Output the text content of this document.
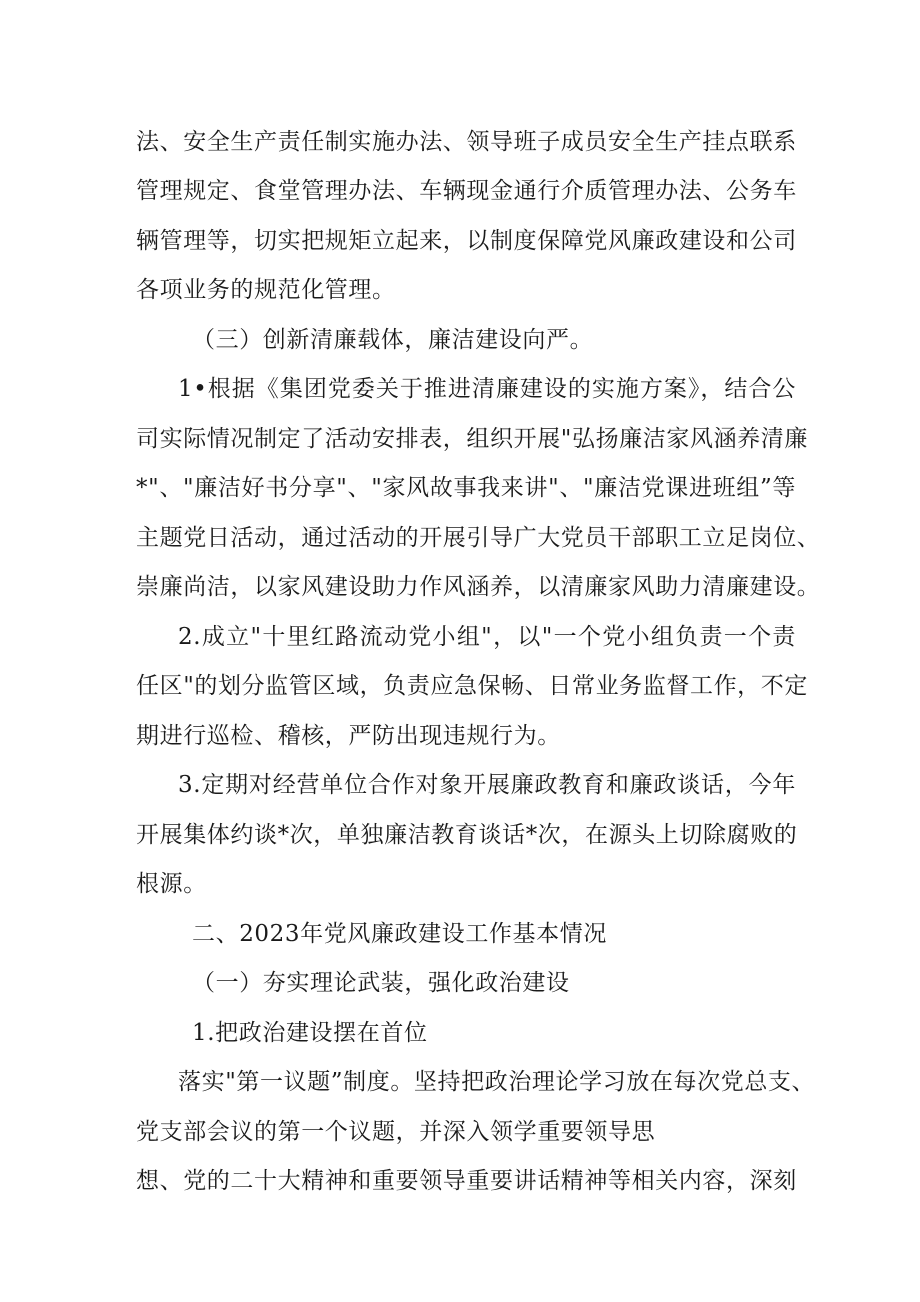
法、安全生产责任制实施办法、领导班子成员安全生产挂点联系
管理规定、食堂管理办法、车辆现金通行介质管理办法、公务车
辆管理等，切实把规矩立起来，以制度保障党风廉政建设和公司
各项业务的规范化管理。
（三）创新清廉载体，廉洁建设向严。
1•根据《集团党委关于推进清廉建设的实施方案》，结合公
司实际情况制定了活动安排表，组织开展"弘扬廉洁家风涵养清廉
*"、"廉洁好书分享"、"家风故事我来讲"、"廉洁党课进班组”等
主题党日活动，通过活动的开展引导广大党员干部职工立足岗位、
崇廉尚洁，以家风建设助力作风涵养，以清廉家风助力清廉建设。
2.成立"十里红路流动党小组"，以"一个党小组负责一个责
任区"的划分监管区域，负责应急保畅、日常业务监督工作，不定
期进行巡检、稽核，严防出现违规行为。
3.定期对经营单位合作对象开展廉政教育和廉政谈话，今年
开展集体约谈*次，单独廉洁教育谈话*次，在源头上切除腐败的
根源。
二、2023年党风廉政建设工作基本情况
（一）夯实理论武装，强化政治建设
1.把政治建设摆在首位
落实"第一议题”制度。坚持把政治理论学习放在每次党总支、
党支部会议的第一个议题，并深入领学重要领导思
想、党的二十大精神和重要领导重要讲话精神等相关内容，深刻
